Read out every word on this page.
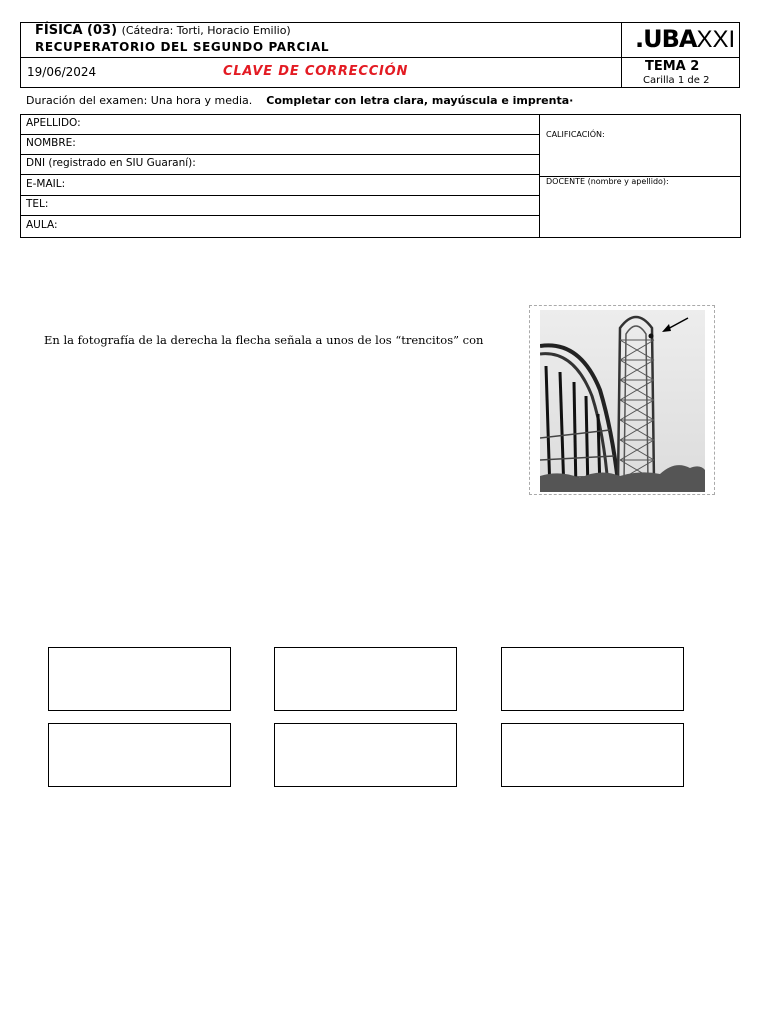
FÍSICA (03) (Cátedra: Torti, Horacio Emilio)
RECUPERATORIO DEL SEGUNDO PARCIAL
19/06/2024	CLAVE DE CORRECCIÓN
.UBAXXI
TEMA 2
Carilla 1 de 2
Duración del examen: Una hora y media. Completar con letra clara, mayúscula e imprenta·
APELLIDO:
NOMBRE:
DNI (registrado en SIU Guaraní):
E-MAIL:
TEL:
AULA:
CALIFICACIÓN:
DOCENTE (nombre y apellido):
En la fotografía de la derecha la flecha señala a unos de los “trencitos” con
